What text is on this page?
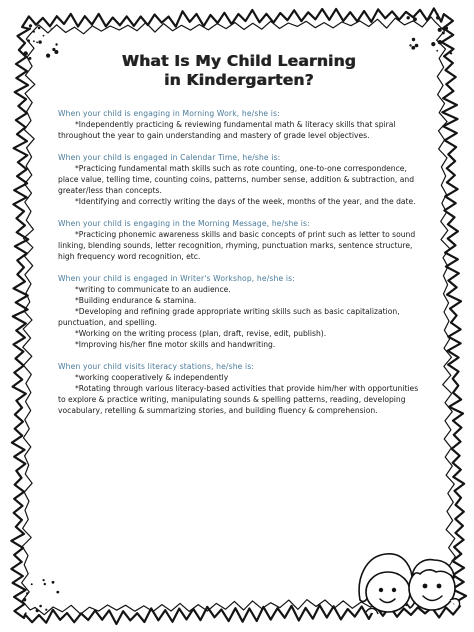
What Is My Child Learning
in Kindergarten?
When your child is engaging in Morning Work, he/she is:

*Independently practicing & reviewing fundamental math & literacy skills that spiral throughout the year to gain understanding and mastery of grade level objectives.

When your child is engaged in Calendar Time, he/she is:

*Practicing fundamental math skills such as rote counting, one-to-one correspondence, place value, telling time, counting coins, patterns, number sense, addition & subtraction, and greater/less than concepts.

*Identifying and correctly writing the days of the week, months of the year, and the date.

When your child is engaging in the Morning Message, he/she is:

*Practicing phonemic awareness skills and basic concepts of print such as letter to sound linking, blending sounds, letter recognition, rhyming, punctuation marks, sentence structure, high frequency word recognition, etc.

When your child is engaged in Writer's Workshop, he/she is:

*writing to communicate to an audience.

*Building endurance & stamina.

*Developing and refining grade appropriate writing skills such as basic capitalization, punctuation, and spelling.

*Working on the writing process (plan, draft, revise, edit, publish).

*Improving his/her fine motor skills and handwriting.

When your child visits literacy stations, he/she is:

*working cooperatively & independently

*Rotating through various literacy-based activities that provide him/her with opportunities to explore & practice writing, manipulating sounds & spelling patterns, reading, developing vocabulary, retelling & summarizing stories, and building fluency & comprehension.
